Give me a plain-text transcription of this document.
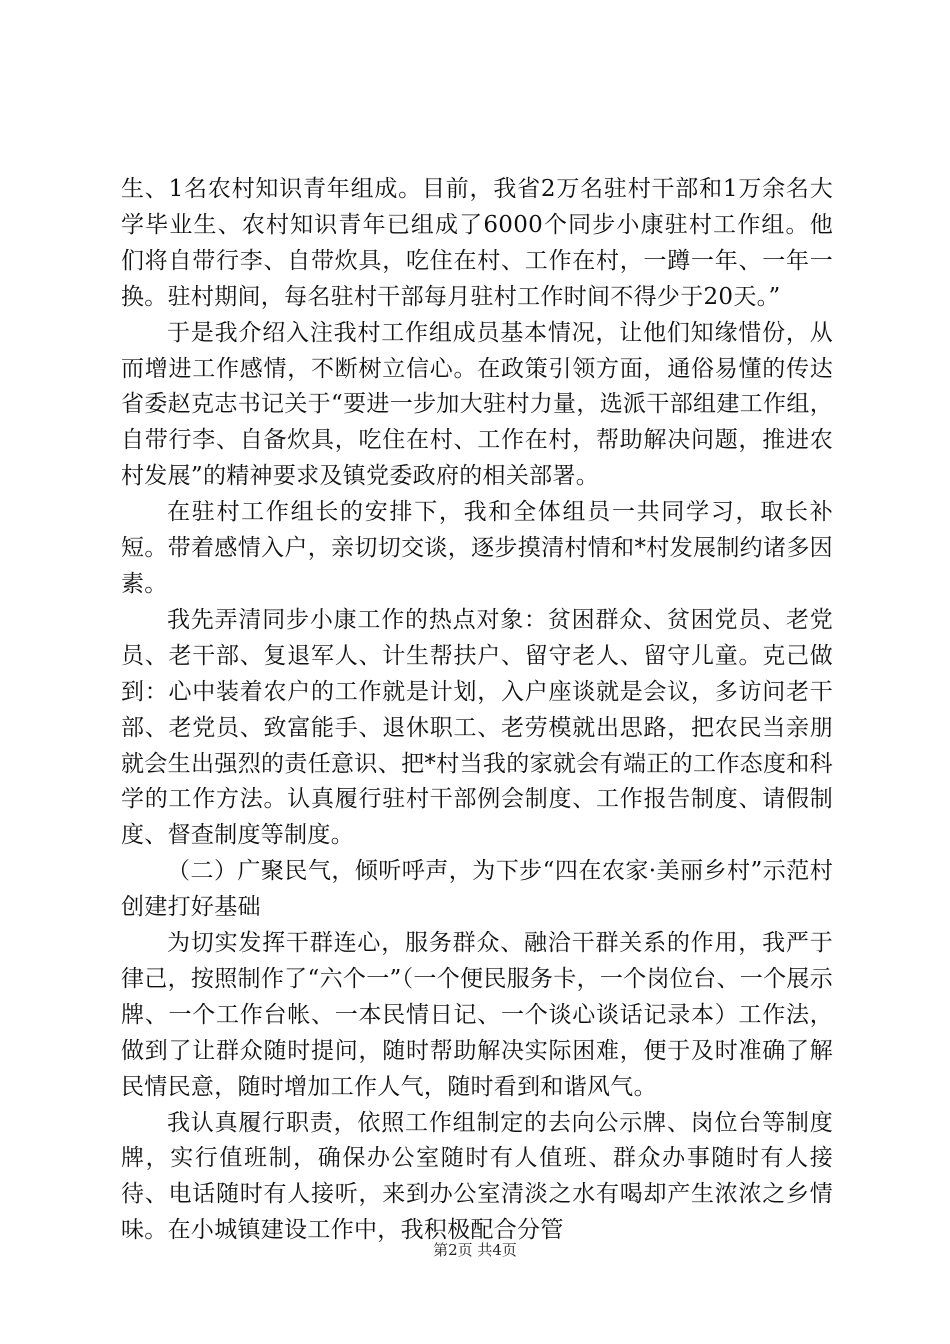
生、1名农村知识青年组成。目前，我省2万名驻村干部和1万余名大学毕业生、农村知识青年已组成了6000个同步小康驻村工作组。他们将自带行李、自带炊具，吃住在村、工作在村，一蹲一年、一年一换。驻村期间，每名驻村干部每月驻村工作时间不得少于20天。”

于是我介绍入注我村工作组成员基本情况，让他们知缘惜份，从而增进工作感情，不断树立信心。在政策引领方面，通俗易懂的传达省委赵克志书记关于“要进一步加大驻村力量，选派干部组建工作组，自带行李、自备炊具，吃住在村、工作在村，帮助解决问题，推进农村发展”的精神要求及镇党委政府的相关部署。

在驻村工作组长的安排下，我和全体组员一共同学习，取长补短。带着感情入户，亲切切交谈，逐步摸清村情和*村发展制约诸多因素。

我先弄清同步小康工作的热点对象：贫困群众、贫困党员、老党员、老干部、复退军人、计生帮扶户、留守老人、留守儿童。克己做到：心中装着农户的工作就是计划，入户座谈就是会议，多访问老干部、老党员、致富能手、退休职工、老劳模就出思路，把农民当亲朋就会生出强烈的责任意识、把*村当我的家就会有端正的工作态度和科学的工作方法。认真履行驻村干部例会制度、工作报告制度、请假制度、督查制度等制度。

（二）广聚民气，倾听呼声，为下步“四在农家·美丽乡村”示范村创建打好基础

为切实发挥干群连心，服务群众、融洽干群关系的作用，我严于律己，按照制作了“六个一”（一个便民服务卡，一个岗位台、一个展示牌、一个工作台帐、一本民情日记、一个谈心谈话记录本）工作法，做到了让群众随时提问，随时帮助解决实际困难，便于及时准确了解民情民意，随时增加工作人气，随时看到和谐风气。

我认真履行职责，依照工作组制定的去向公示牌、岗位台等制度牌，实行值班制，确保办公室随时有人值班、群众办事随时有人接待、电话随时有人接听，来到办公室清淡之水有喝却产生浓浓之乡情味。在小城镇建设工作中，我积极配合分管

第2页 共4页
